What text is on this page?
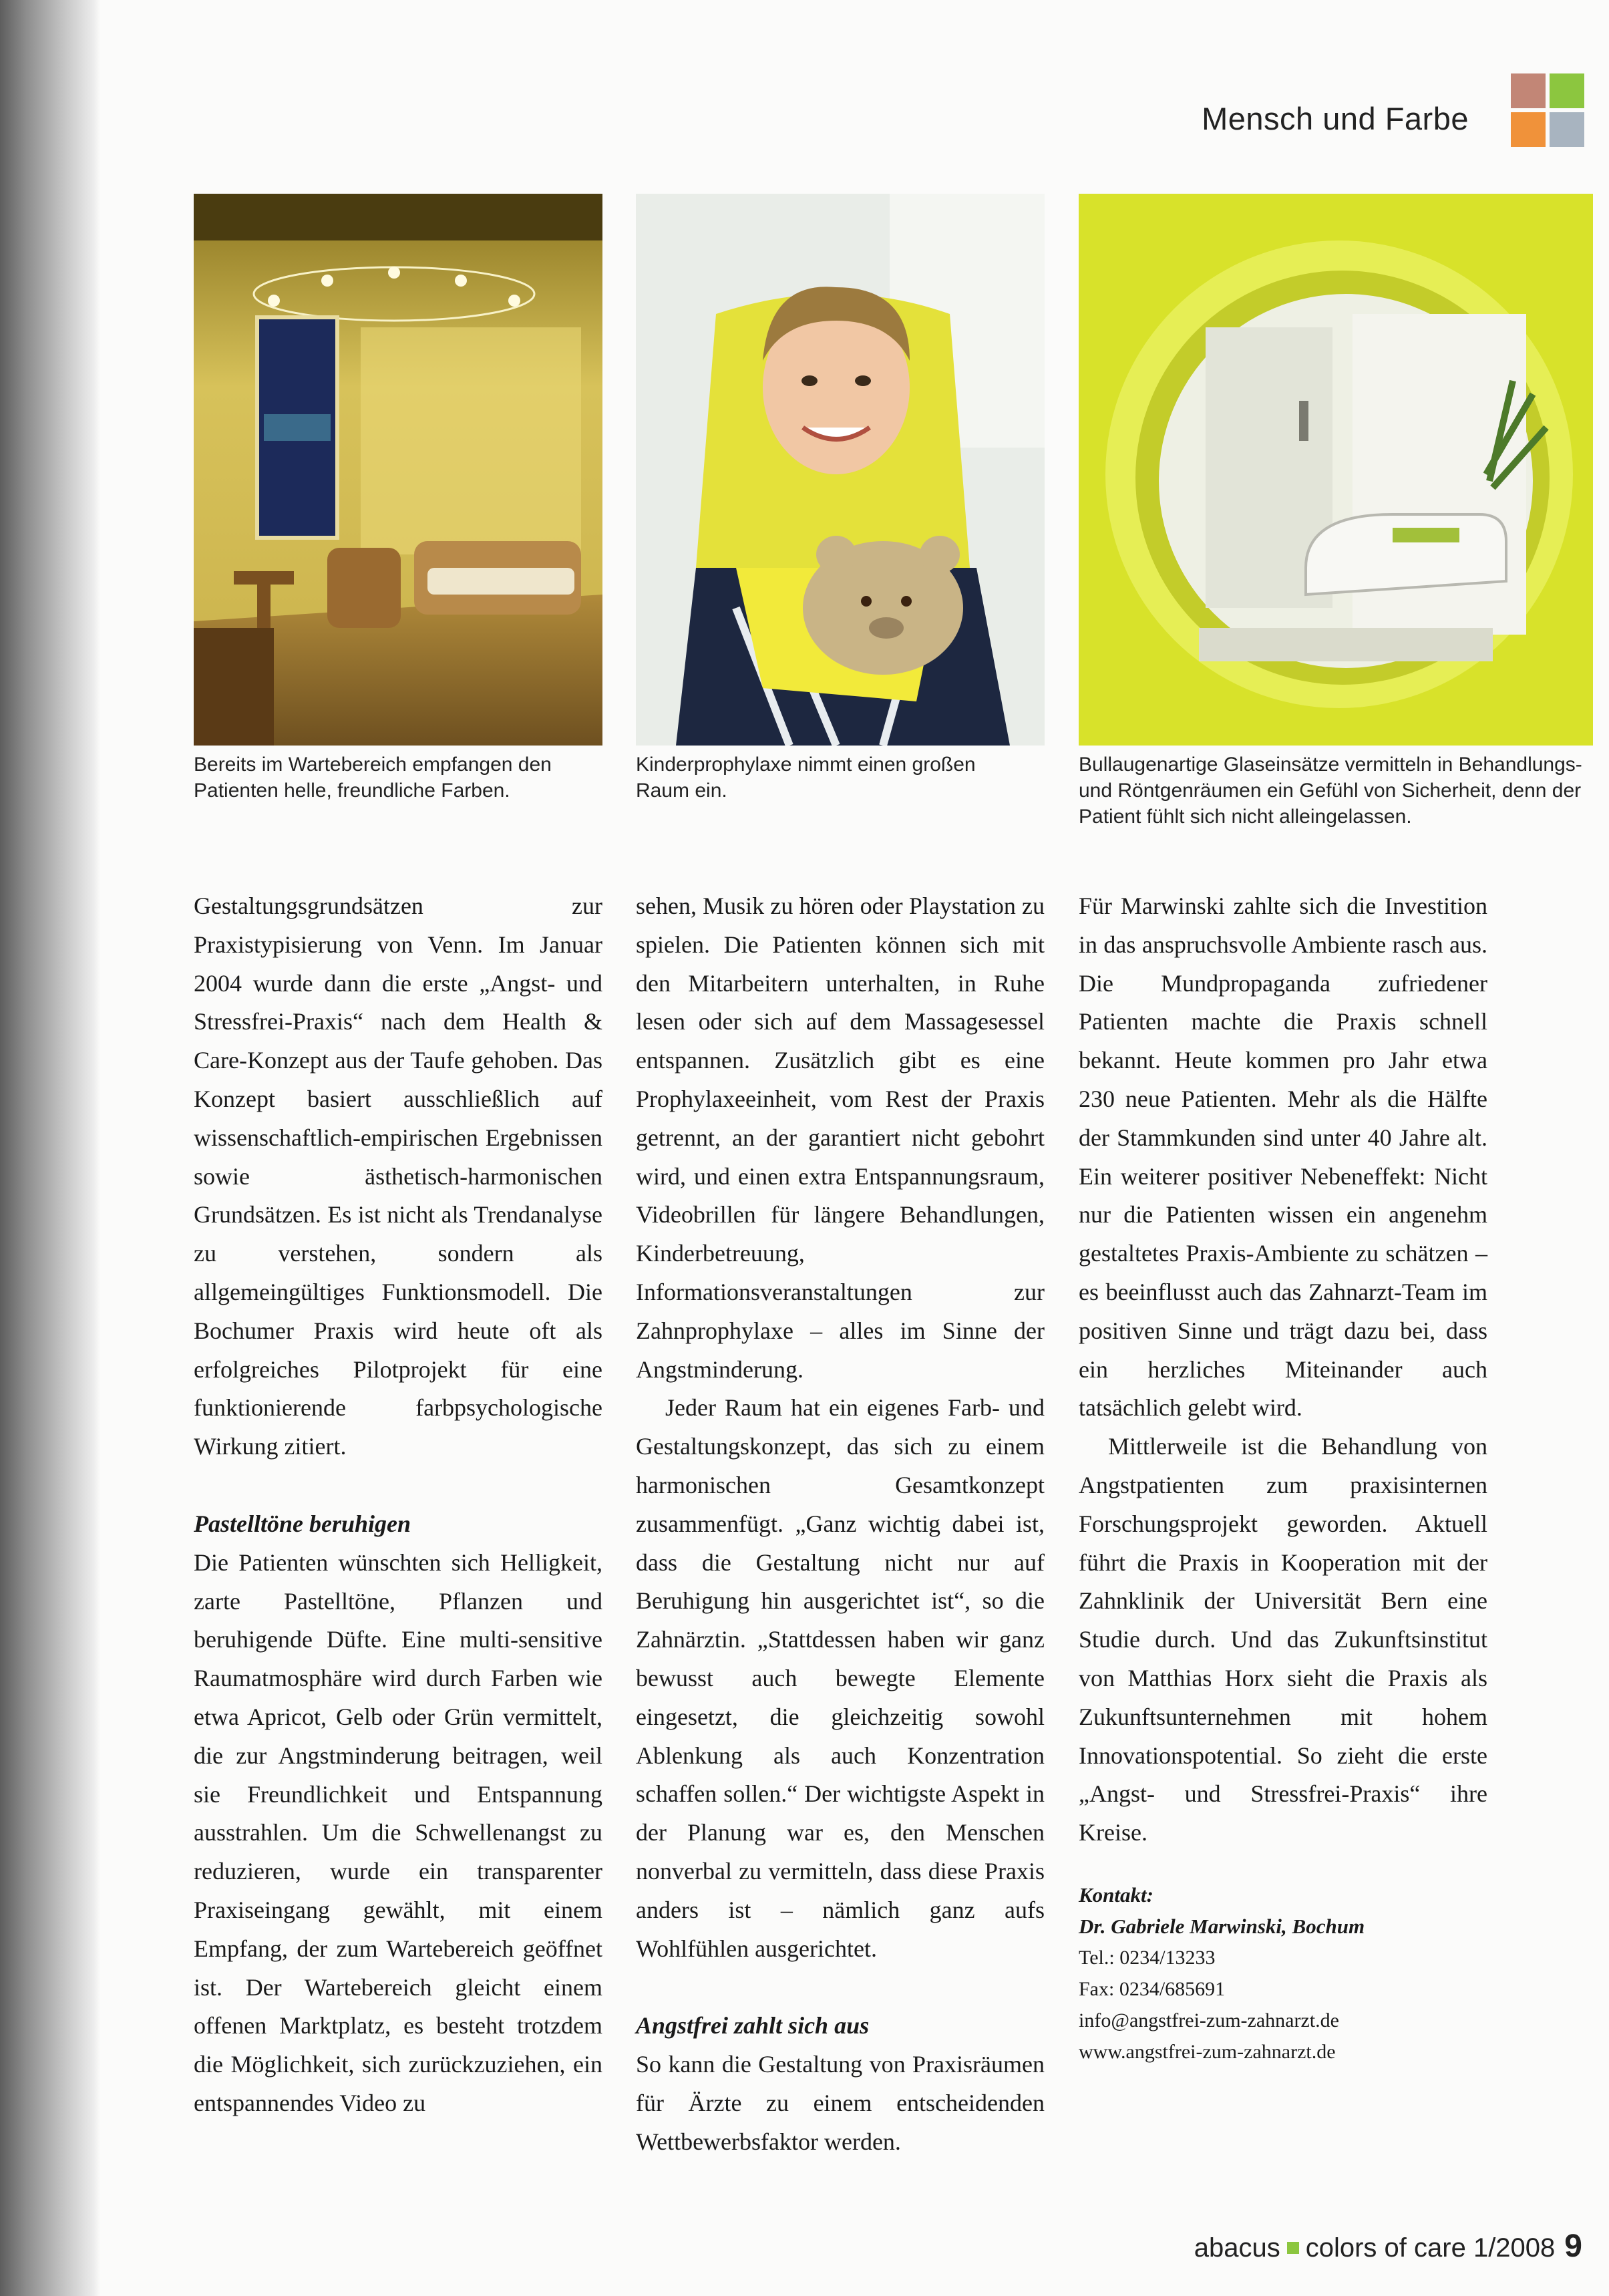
Mensch und Farbe
Bereits im Wartebereich empfangen den Patienten helle, freundliche Farben.
Kinderprophylaxe nimmt einen großen Raum ein.
Bullaugenartige Glaseinsätze vermitteln in Behandlungs- und Röntgenräumen ein Gefühl von Sicherheit, denn der Patient fühlt sich nicht alleingelassen.

Gestaltungsgrundsätzen zur Praxistypisierung von Venn. Im Januar 2004 wurde dann die erste „Angst- und Stressfrei-Praxis“ nach dem Health & Care-Konzept aus der Taufe gehoben. Das Konzept basiert ausschließlich auf wissenschaftlich-empirischen Ergebnissen sowie ästhetisch-harmonischen Grundsätzen. Es ist nicht als Trendanalyse zu verstehen, sondern als allgemeingültiges Funktionsmodell. Die Bochumer Praxis wird heute oft als erfolgreiches Pilotprojekt für eine funktionierende farbpsychologische Wirkung zitiert.

Pastelltöne beruhigen

Die Patienten wünschten sich Helligkeit, zarte Pastelltöne, Pflanzen und beruhigende Düfte. Eine multi-sensitive Raumatmosphäre wird durch Farben wie etwa Apricot, Gelb oder Grün vermittelt, die zur Angstminderung beitragen, weil sie Freundlichkeit und Entspannung ausstrahlen. Um die Schwellenangst zu reduzieren, wurde ein transparenter Praxiseingang gewählt, mit einem Empfang, der zum Wartebereich geöffnet ist. Der Wartebereich gleicht einem offenen Marktplatz, es besteht trotzdem die Möglichkeit, sich zurückzuziehen, ein entspannendes Video zu

sehen, Musik zu hören oder Playstation zu spielen. Die Patienten können sich mit den Mitarbeitern unterhalten, in Ruhe lesen oder sich auf dem Massagesessel entspannen. Zusätzlich gibt es eine Prophylaxeeinheit, vom Rest der Praxis getrennt, an der garantiert nicht gebohrt wird, und einen extra Entspannungsraum, Videobrillen für längere Behandlungen, Kinderbetreuung, Informationsveranstaltungen zur Zahnprophylaxe – alles im Sinne der Angstminderung.

Jeder Raum hat ein eigenes Farb- und Gestaltungskonzept, das sich zu einem harmonischen Gesamtkonzept zusammenfügt. „Ganz wichtig dabei ist, dass die Gestaltung nicht nur auf Beruhigung hin ausgerichtet ist“, so die Zahnärztin. „Stattdessen haben wir ganz bewusst auch bewegte Elemente eingesetzt, die gleichzeitig sowohl Ablenkung als auch Konzentration schaffen sollen.“ Der wichtigste Aspekt in der Planung war es, den Menschen nonverbal zu vermitteln, dass diese Praxis anders ist – nämlich ganz aufs Wohlfühlen ausgerichtet.

Angstfrei zahlt sich aus

So kann die Gestaltung von Praxisräumen für Ärzte zu einem entscheidenden Wettbewerbsfaktor werden.

Für Marwinski zahlte sich die Investition in das anspruchsvolle Ambiente rasch aus. Die Mundpropaganda zufriedener Patienten machte die Praxis schnell bekannt. Heute kommen pro Jahr etwa 230 neue Patienten. Mehr als die Hälfte der Stammkunden sind unter 40 Jahre alt. Ein weiterer positiver Nebeneffekt: Nicht nur die Patienten wissen ein angenehm gestaltetes Praxis-Ambiente zu schätzen – es beeinflusst auch das Zahnarzt-Team im positiven Sinne und trägt dazu bei, dass ein herzliches Miteinander auch tatsächlich gelebt wird.

Mittlerweile ist die Behandlung von Angstpatienten zum praxisinternen Forschungsprojekt geworden. Aktuell führt die Praxis in Kooperation mit der Zahnklinik der Universität Bern eine Studie durch. Und das Zukunftsinstitut von Matthias Horx sieht die Praxis als Zukunftsunternehmen mit hohem Innovationspotential. So zieht die erste „Angst- und Stressfrei-Praxis“ ihre Kreise.

Kontakt:
Dr. Gabriele Marwinski, Bochum
Tel.: 0234/13233
Fax: 0234/685691
info@angstfrei-zum-zahnarzt.de
www.angstfrei-zum-zahnarzt.de
abacus colors of care 1/2008 9
